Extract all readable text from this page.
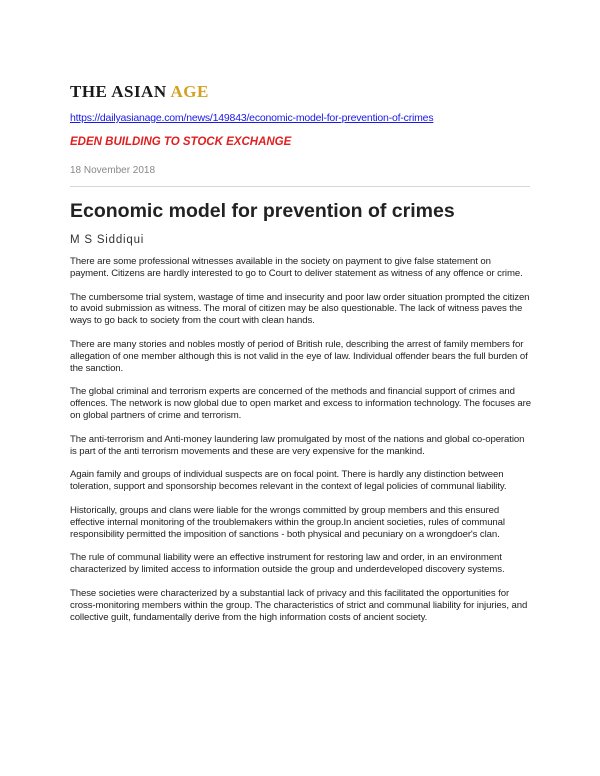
THE ASIAN AGE
https://dailyasianage.com/news/149843/economic-model-for-prevention-of-crimes
EDEN BUILDING TO STOCK EXCHANGE
18 November 2018
Economic model for prevention of crimes
M S Siddiqui

There are some professional witnesses available in the society on payment to give false statement on payment. Citizens are hardly interested to go to Court to deliver statement as witness of any offence or crime.

The cumbersome trial system, wastage of time and insecurity and poor law order situation prompted the citizen to avoid submission as witness. The moral of citizen may be also questionable. The lack of witness paves the ways to go back to society from the court with clean hands.

There are many stories and nobles mostly of period of British rule, describing the arrest of family members for allegation of one member although this is not valid in the eye of law. Individual offender bears the full burden of the sanction.

The global criminal and terrorism experts are concerned of the methods and financial support of crimes and offences. The network is now global due to open market and excess to information technology. The focuses are on global partners of crime and terrorism.

The anti-terrorism and Anti-money laundering law promulgated by most of the nations and global co-operation is part of the anti terrorism movements and these are very expensive for the mankind.

Again family and groups of individual suspects are on focal point. There is hardly any distinction between toleration, support and sponsorship becomes relevant in the context of legal policies of communal liability.

Historically, groups and clans were liable for the wrongs committed by group members and this ensured effective internal monitoring of the troublemakers within the group.In ancient societies, rules of communal responsibility permitted the imposition of sanctions - both physical and pecuniary on a wrongdoer's clan.

The rule of communal liability were an effective instrument for restoring law and order, in an environment characterized by limited access to information outside the group and underdeveloped discovery systems.

These societies were characterized by a substantial lack of privacy and this facilitated the opportunities for cross-monitoring members within the group. The characteristics of strict and communal liability for injuries, and collective guilt, fundamentally derive from the high information costs of ancient society.
